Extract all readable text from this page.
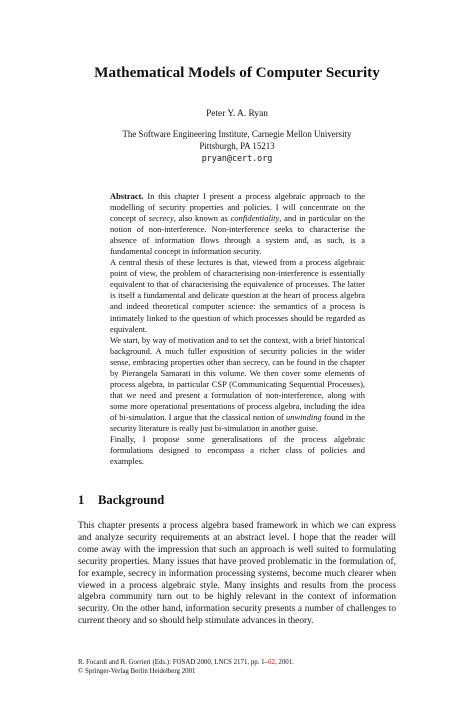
Mathematical Models of Computer Security
Peter Y. A. Ryan
The Software Engineering Institute, Carnegie Mellon University
Pittsburgh, PA 15213
pryan@cert.org

Abstract. In this chapter I present a process algebraic approach to the modelling of security properties and policies. I will concentrate on the concept of secrecy, also known as confidentiality, and in particular on the notion of non-interference. Non-interference seeks to characterise the absence of information flows through a system and, as such, is a fundamental concept in information security.

A central thesis of these lectures is that, viewed from a process algebraic point of view, the problem of characterising non-interference is essentially equivalent to that of characterising the equivalence of processes. The latter is itself a fundamental and delicate question at the heart of process algebra and indeed theoretical computer science: the semantics of a process is intimately linked to the question of which processes should be regarded as equivalent.

We start, by way of motivation and to set the context, with a brief historical background. A much fuller exposition of security policies in the wider sense, embracing properties other than secrecy, can be found in the chapter by Pierangela Samarati in this volume. We then cover some elements of process algebra, in particular CSP (Communicating Sequential Processes), that we need and present a formulation of non-interference, along with some more operational presentations of process algebra, including the idea of bi-simulation. I argue that the classical notion of unwinding found in the security literature is really just bi-simulation in another guise.

Finally, I propose some generalisations of the process algebraic formulations designed to encompass a richer class of policies and examples.

1 Background

This chapter presents a process algebra based framework in which we can express and analyze security requirements at an abstract level. I hope that the reader will come away with the impression that such an approach is well suited to formulating security properties. Many issues that have proved problematic in the formulation of, for example, secrecy in information processing systems, become much clearer when viewed in a process algebraic style. Many insights and results from the process algebra community turn out to be highly relevant in the context of information security. On the other hand, information security presents a number of challenges to current theory and so should help stimulate advances in theory.

R. Focardi and R. Gorrieri (Eds.): FOSAD 2000, LNCS 2171, pp. 1–62, 2001.
© Springer-Verlag Berlin Heidelberg 2001
